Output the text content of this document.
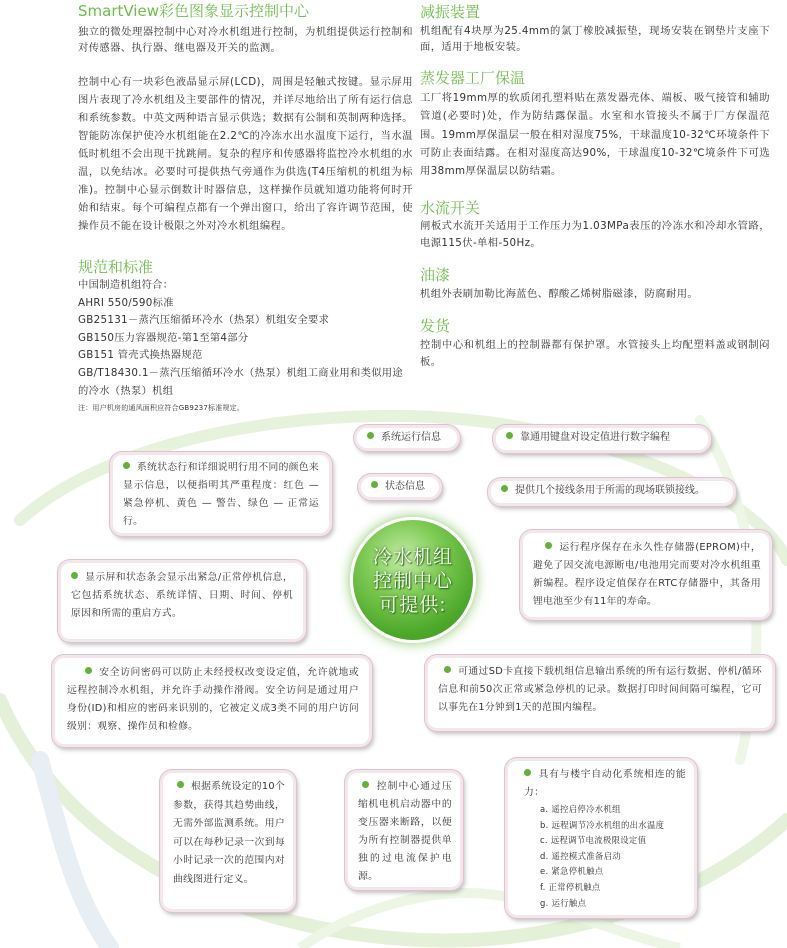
SmartView彩色图象显示控制中心

独立的微处理器控制中心对冷水机组进行控制，为机组提供运行控制和对传感器、执行器、继电器及开关的监测。

控制中心有一块彩色液晶显示屏(LCD)，周围是轻触式按键。显示屏用图片表现了冷水机组及主要部件的情况，并详尽地给出了所有运行信息和系统参数。中英文两种语言显示供选；数据有公制和英制两种选择。智能防冻保护使冷水机组能在2.2℃的冷冻水出水温度下运行，当水温低时机组不会出现干扰跳闸。复杂的程序和传感器将监控冷水机组的水温，以免结冰。必要时可提供热气旁通作为供选(T4压缩机的机组为标准)。控制中心显示倒数计时器信息，这样操作员就知道功能将何时开始和结束。每个可编程点都有一个弹出窗口，给出了容许调节范围，使操作员不能在设计极限之外对冷水机组编程。

规范和标准
中国制造机组符合：
AHRI 550/590标准
GB25131－蒸汽压缩循环冷水（热泵）机组安全要求
GB150压力容器规范-第1至第4部分
GB151 管壳式换热器规范
GB/T18430.1－蒸汽压缩循环冷水（热泵）机组工商业用和类似用途的冷水（热泵）机组
注：用户机房的通风面积应符合GB9237标准规定。
减振装置

机组配有4块厚为25.4mm的氯丁橡胶减振垫，现场安装在钢垫片支座下面，适用于地板安装。

蒸发器工厂保温

工厂将19mm厚的软质闭孔塑料贴在蒸发器壳体、端板、吸气接管和辅助管道(必要时)处，作为防结露保温。水室和水管接头不属于厂方保温范围。19mm厚保温层一般在相对湿度75%，干球温度10-32℃环境条件下可防止表面结露。在相对湿度高达90%，干球温度10-32℃境条件下可选用38mm厚保温层以防结霜。

水流开关

闸板式水流开关适用于工作压力为1.03MPa表压的冷冻水和冷却水管路，电源115伏-单相-50Hz。

油漆

机组外表刷加勒比海蓝色、醇酸乙烯树脂磁漆，防腐耐用。

发货

控制中心和机组上的控制器都有保护罩。水管接头上均配塑料盖或钢制闷板。

系统运行信息	靠通用键盘对设定值进行数字编程
状态信息	提供几个接线条用于所需的现场联锁接线。
系统状态行和详细说明行用不同的颜色来显示信息，以便指明其严重程度：红色 — 紧急停机、黄色 — 警告、绿色 — 正常运行。
运行程序保存在永久性存储器(EPROM)中，避免了因交流电源断电/电池用完而要对冷水机组重新编程。程序设定值保存在RTC存储器中，其备用锂电池至少有11年的寿命。
显示屏和状态条会显示出紧急/正常停机信息，它包括系统状态、系统详情、日期、时间、停机原因和所需的重启方式。
安全访问密码可以防止未经授权改变设定值，允许就地或远程控制冷水机组，并允许手动操作滑阀。安全访问是通过用户身份(ID)和相应的密码来识别的，它被定义成3类不同的用户访问级别：观察、操作员和检修。
可通过SD卡直接下载机组信息输出系统的所有运行数据、停机/循环信息和前50次正常或紧急停机的记录。数据打印时间间隔可编程，它可以事先在1分钟到1天的范围内编程。
根据系统设定的10个参数，获得其趋势曲线，无需外部监测系统。用户可以在每秒记录一次到每小时记录一次的范围内对曲线图进行定义。
控制中心通过压缩机电机启动器中的变压器来断路，以便为所有控制器提供单独的过电流保护电源。
具有与楼宇自动化系统相连的能力：
a. 遥控启停冷水机组
b. 远程调节冷水机组的出水温度
c. 远程调节电流极限设定值
d. 遥控模式准备启动
e. 紧急停机触点
f. 正常停机触点
g. 运行触点
冷水机组
控制中心
可提供:
